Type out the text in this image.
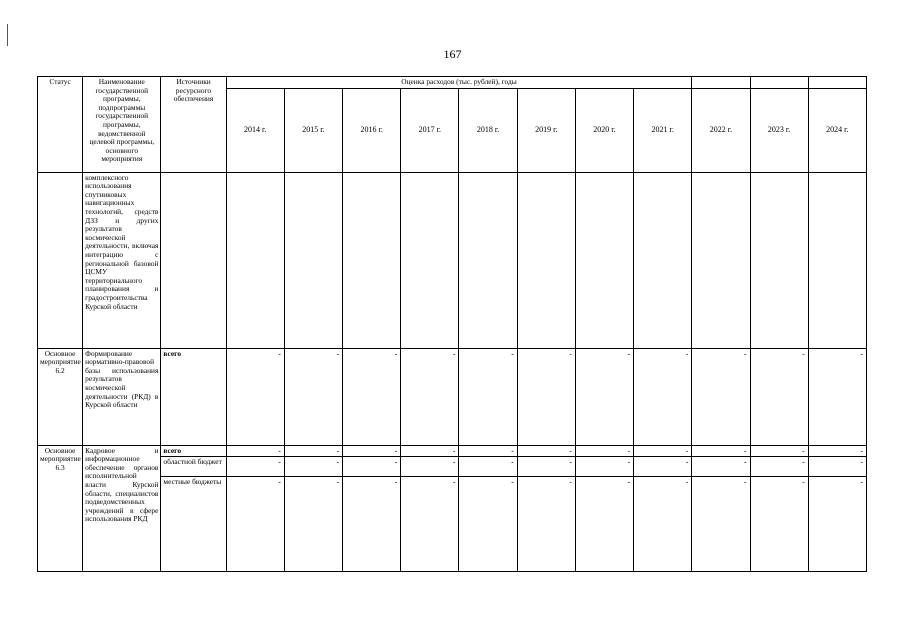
167
Статус	Наименование государственной программы, подпрограммы государственной программы, ведомственной целевой программы, основного мероприятия	Источники ресурсного обеспечения	Оценка расходов (тыс. рублей), годы										
			2014 г.	2015 г.	2016 г.	2017 г.	2018 г.	2019 г.	2020 г.	2021 г.	2022 г.	2023 г.	2024 г.
	комплексного использования спутниковых навигационных технологий, средств ДЗЗ и других результатов космической деятельности, включая интеграцию с региональной базовой ЦСМУ территориального планирования и градостроительства Курской области												
Основное мероприятие 6.2	Формирование нормативно-правовой базы использования результатов космической деятельности (РКД) в Курской области	всего	-	-	-	-	-	-	-	-	-	-	-
Основное мероприятие 6.3	Кадровое и информационное обеспечение органов исполнительной власти Курской области, специалистов подведомственных учреждений в сфере использования РКД	всего	-	-	-	-	-	-	-	-	-	-	-
		областной бюджет	-	-	-	-	-	-	-	-	-	-	-
		местные бюджеты	-	-	-	-	-	-	-	-	-	-	-
